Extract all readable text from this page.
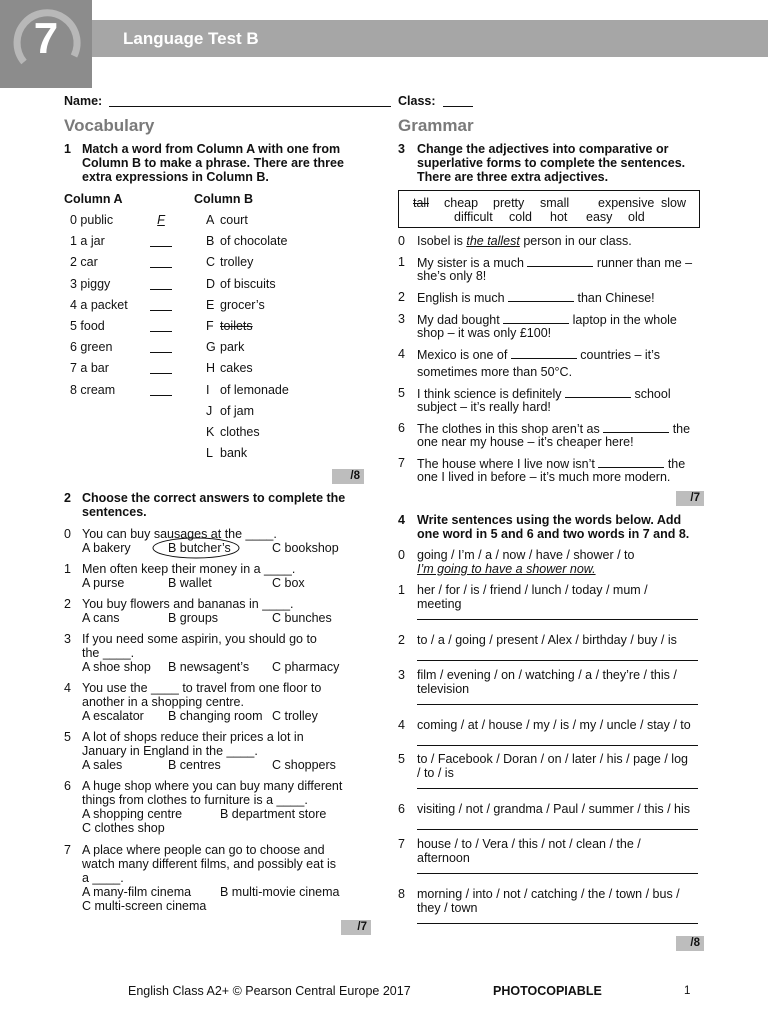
7	Language Test B
Name:	Class:
Vocabulary
1 Match a word from Column A with one from
Column B to make a phrase. There are three
extra expressions in Column B.
Column A	Column B
0 public	F
1 a jar
2 car
3 piggy
4 a packet
5 food
6 green
7 a bar
8 cream
A court
B of chocolate
C trolley
D of biscuits
E grocer’s
F toilets
G park
H cakes
I of lemonade
J of jam
K clothes
L bank
/8
2 Choose the correct answers to complete the
sentences.
0 You can buy sausages at the ____.
A bakery	B butcher’s	C bookshop
1 Men often keep their money in a ____.
A purse	B wallet	C box
2 You buy flowers and bananas in ____.
A cans	B groups	C bunches
3 If you need some aspirin, you should go to
the ____.
A shoe shop B newsagent’s C pharmacy
4 You use the ____ to travel from one floor to
another in a shopping centre.
A escalator B changing room C trolley
5 A lot of shops reduce their prices a lot in
January in England in the ____.
A sales	B centres	C shoppers
6 A huge shop where you can buy many different
things from clothes to furniture is a ____.
A shopping centre	B department store
C clothes shop
7 A place where people can go to choose and
watch many different films, and possibly eat is
a ____.
A many-film cinema B multi-movie cinema
C multi-screen cinema
/7
Grammar
3 Change the adjectives into comparative or
superlative forms to complete the sentences.
There are three extra adjectives.
tall cheap pretty small expensive slow
difficult cold hot easy old
0 Isobel is the tallest person in our class.
1 My sister is a much	runner than me –
she’s only 8!
2 English is much	than Chinese!
3 My dad bought	laptop in the whole
shop – it was only £100!
4 Mexico is one of	countries – it’s
sometimes more than 50°C.
5 I think science is definitely	school
subject – it’s really hard!
6 The clothes in this shop aren’t as	the
one near my house – it’s cheaper here!
7 The house where I live now isn’t	the
one I lived in before – it’s much more modern.
/7
4 Write sentences using the words below. Add
one word in 5 and 6 and two words in 7 and 8.
0 going / I’m / a / now / have / shower / to
I’m going to have a shower now.
1 her / for / is / friend / lunch / today / mum /
meeting
2 to / a / going / present / Alex / birthday / buy / is
3 film / evening / on / watching / a / they’re / this /
television
4 coming / at / house / my / is / my / uncle / stay / to
5 to / Facebook / Doran / on / later / his / page / log
/ to / is
6 visiting / not / grandma / Paul / summer / this / his
7 house / to / Vera / this / not / clean / the /
afternoon
8 morning / into / not / catching / the / town / bus /
they / town
/8
English Class A2+ © Pearson Central Europe 2017	PHOTOCOPIABLE	1
